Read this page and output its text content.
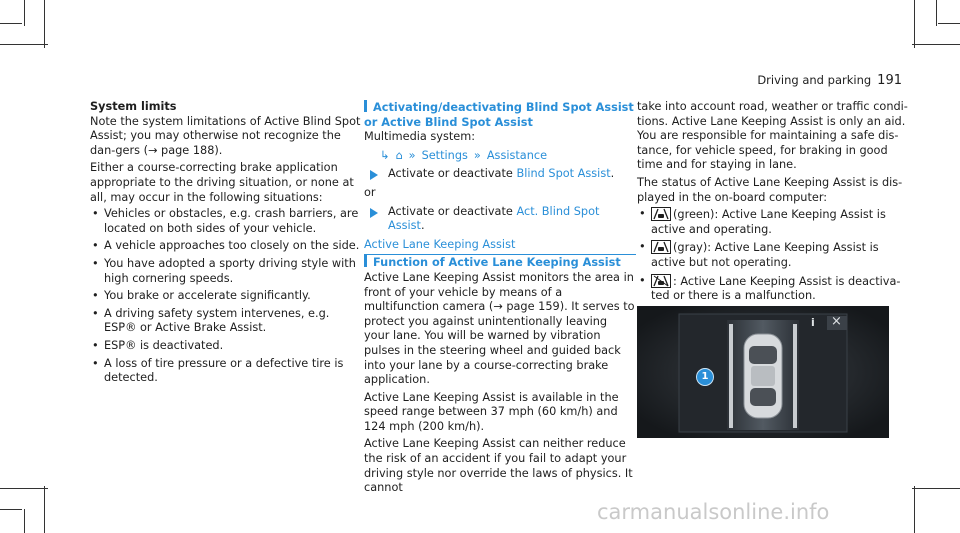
Driving and parking 191

System limits

Note the system limitations of Active Blind Spot Assist; you may otherwise not recognize the dan-gers (→ page 188).

Either a course-correcting brake application appropriate to the driving situation, or none at all, may occur in the following situations:

• Vehicles or obstacles, e.g. crash barriers, are located on both sides of your vehicle.
• A vehicle approaches too closely on the side.
• You have adopted a sporty driving style with high cornering speeds.
• You brake or accelerate significantly.
• A driving safety system intervenes, e.g. ESP® or Active Brake Assist.
• ESP® is deactivated.
• A loss of tire pressure or a defective tire is detected.

Activating/deactivating Blind Spot Assist or Active Blind Spot Assist

Multimedia system:

↳ ⌂ » Settings » Assistance
Activate or deactivate Blind Spot Assist.

or

Activate or deactivate Act. Blind Spot Assist.

Active Lane Keeping Assist

Function of Active Lane Keeping Assist

Active Lane Keeping Assist monitors the area in front of your vehicle by means of a multifunction camera (→ page 159). It serves to protect you against unintentionally leaving your lane. You will be warned by vibration pulses in the steering wheel and guided back into your lane by a course-correcting brake application.

Active Lane Keeping Assist is available in the speed range between 37 mph (60 km/h) and 124 mph (200 km/h).

Active Lane Keeping Assist can neither reduce the risk of an accident if you fail to adapt your driving style nor override the laws of physics. It cannot

take into account road, weather or traffic condi-tions. Active Lane Keeping Assist is only an aid. You are responsible for maintaining a safe dis-tance, for vehicle speed, for braking in good time and for staying in lane.

The status of Active Lane Keeping Assist is dis-played in the on-board computer:

• (green): Active Lane Keeping Assist is active and operating.
• (gray): Active Lane Keeping Assist is active but not operating.
• : Active Lane Keeping Assist is deactiva-ted or there is a malfunction.
i ×
1
carmanualsonline.info
